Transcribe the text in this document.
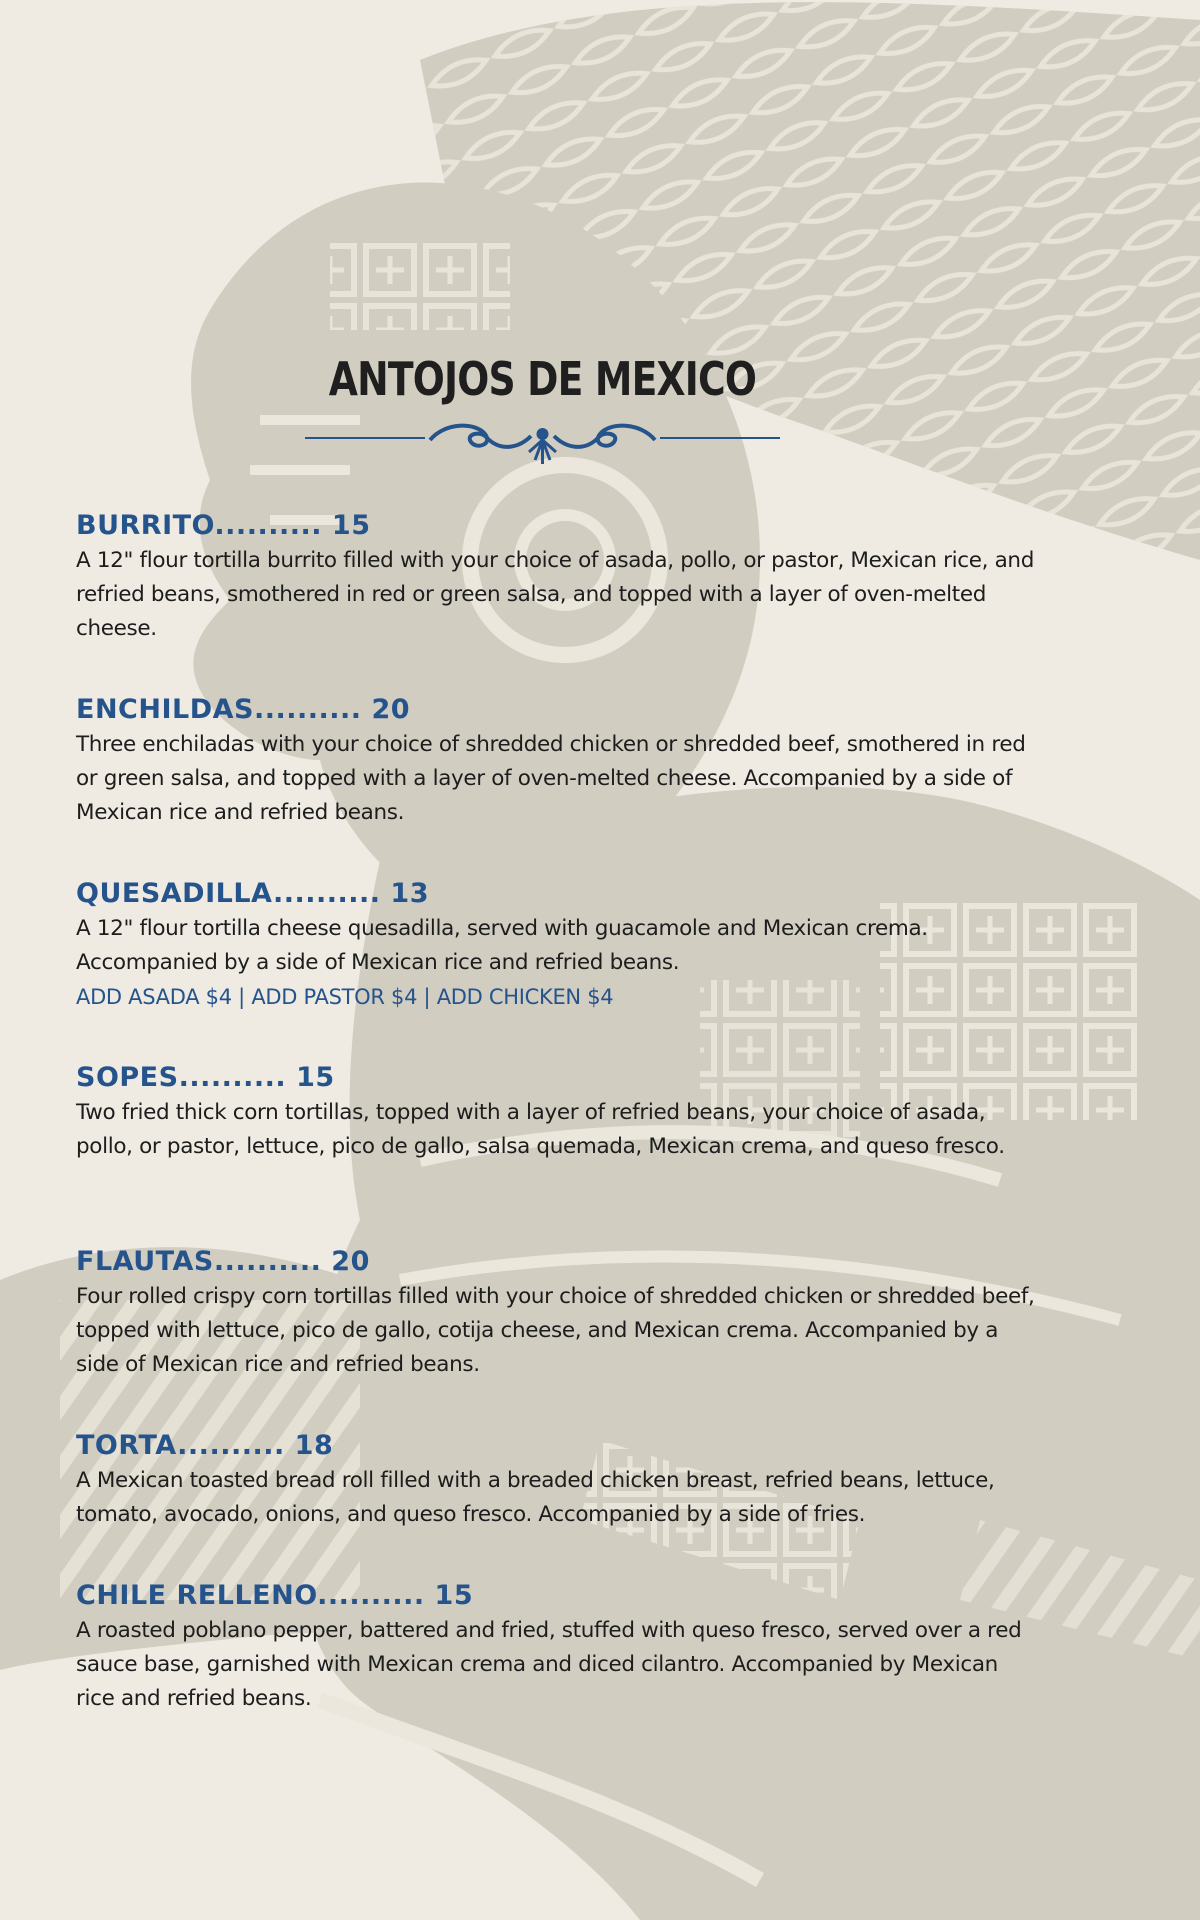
ANTOJOS DE MEXICO
BURRITO.......... 15
A 12" flour tortilla burrito filled with your choice of asada, pollo, or pastor, Mexican rice, and refried beans, smothered in red or green salsa, and topped with a layer of oven-melted cheese.
ENCHILDAS.......... 20
Three enchiladas with your choice of shredded chicken or shredded beef, smothered in red or green salsa, and topped with a layer of oven-melted cheese. Accompanied by a side of Mexican rice and refried beans.
QUESADILLA.......... 13
A 12" flour tortilla cheese quesadilla, served with guacamole and Mexican crema. Accompanied by a side of Mexican rice and refried beans.
ADD ASADA $4 | ADD PASTOR $4 | ADD CHICKEN $4
SOPES.......... 15
Two fried thick corn tortillas, topped with a layer of refried beans, your choice of asada, pollo, or pastor, lettuce, pico de gallo, salsa quemada, Mexican crema, and queso fresco.
FLAUTAS.......... 20
Four rolled crispy corn tortillas filled with your choice of shredded chicken or shredded beef, topped with lettuce, pico de gallo, cotija cheese, and Mexican crema. Accompanied by a side of Mexican rice and refried beans.
TORTA.......... 18
A Mexican toasted bread roll filled with a breaded chicken breast, refried beans, lettuce, tomato, avocado, onions, and queso fresco. Accompanied by a side of fries.
CHILE RELLENO.......... 15
A roasted poblano pepper, battered and fried, stuffed with queso fresco, served over a red sauce base, garnished with Mexican crema and diced cilantro. Accompanied by Mexican rice and refried beans.
